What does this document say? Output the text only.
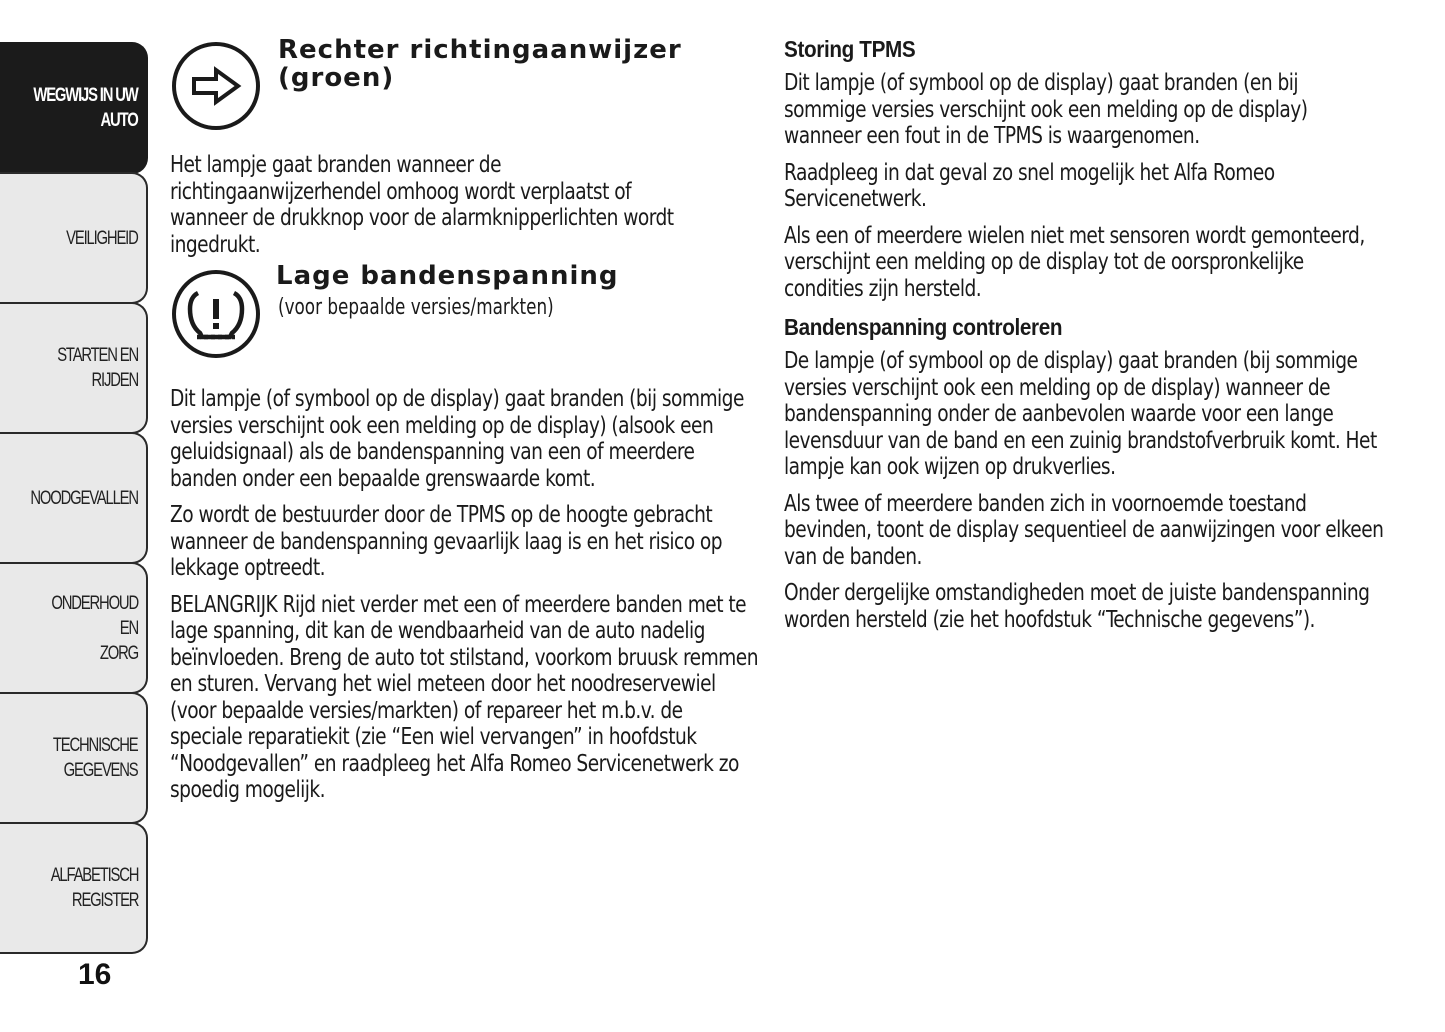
WEGWIJS IN UW
AUTO
VEILIGHEID
STARTEN EN RIJDEN
NOODGEVALLEN
ONDERHOUD EN
ZORG
TECHNISCHE
GEGEVENS
ALFABETISCH
REGISTER
16
Rechter richtingaanwijzer (groen)

Het lampje gaat branden wanneer de richtingaanwijzerhendel omhoog wordt verplaatst of wanneer de drukknop voor de alarmknipperlichten wordt ingedrukt.

Lage bandenspanning

(voor bepaalde versies/markten)

Dit lampje (of symbool op de display) gaat branden (bij sommige versies verschijnt ook een melding op de display) (alsook een geluidsignaal) als de bandenspanning van een of meerdere banden onder een bepaalde grenswaarde komt.

Zo wordt de bestuurder door de TPMS op de hoogte gebracht wanneer de bandenspanning gevaarlijk laag is en het risico op lekkage optreedt.

BELANGRIJK Rijd niet verder met een of meerdere banden met te lage spanning, dit kan de wendbaarheid van de auto nadelig beïnvloeden. Breng de auto tot stilstand, voorkom bruusk remmen en sturen. Vervang het wiel meteen door het noodreservewiel (voor bepaalde versies/markten) of repareer het m.b.v. de speciale reparatiekit (zie “Een wiel vervangen” in hoofdstuk “Noodgevallen” en raadpleeg het Alfa Romeo Servicenetwerk zo spoedig mogelijk.

Storing TPMS

Dit lampje (of symbool op de display) gaat branden (en bij sommige versies verschijnt ook een melding op de display) wanneer een fout in de TPMS is waargenomen.

Raadpleeg in dat geval zo snel mogelijk het Alfa Romeo Servicenetwerk.

Als een of meerdere wielen niet met sensoren wordt gemonteerd, verschijnt een melding op de display tot de oorspronkelijke condities zijn hersteld.

Bandenspanning controleren

De lampje (of symbool op de display) gaat branden (bij sommige versies verschijnt ook een melding op de display) wanneer de bandenspanning onder de aanbevolen waarde voor een lange levensduur van de band en een zuinig brandstofverbruik komt. Het lampje kan ook wijzen op drukverlies.

Als twee of meerdere banden zich in voornoemde toestand bevinden, toont de display sequentieel de aanwijzingen voor elkeen van de banden.

Onder dergelijke omstandigheden moet de juiste bandenspanning worden hersteld (zie het hoofdstuk “Technische gegevens”).
